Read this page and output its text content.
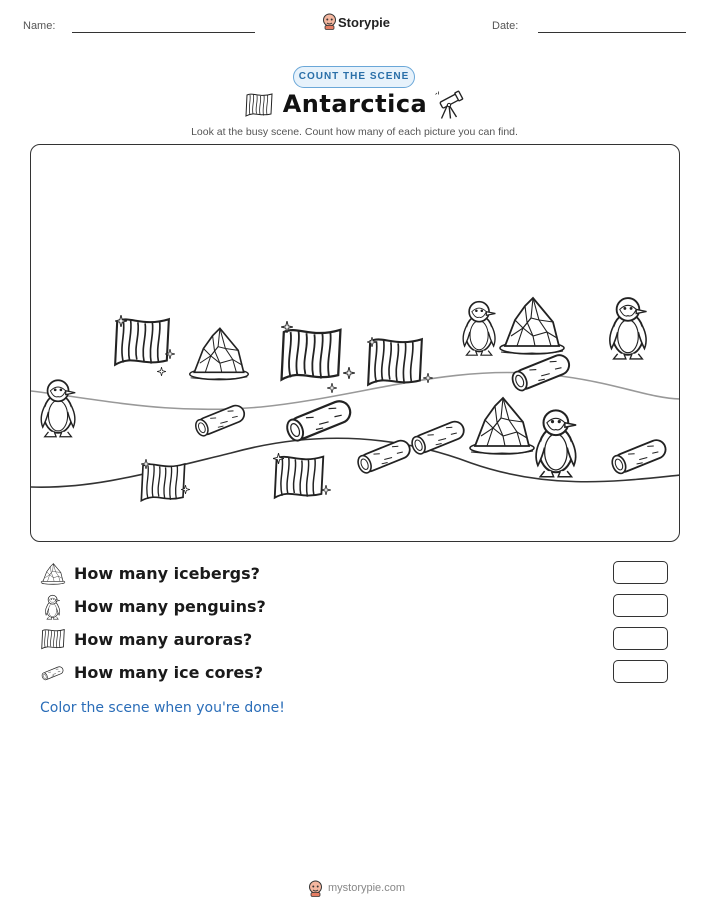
Name:	Storypie	Date:
COUNT THE SCENE
Antarctica
Look at the busy scene. Count how many of each picture you can find.
How many icebergs?
How many penguins?
How many auroras?
How many ice cores?
Color the scene when you're done!
mystorypie.com
